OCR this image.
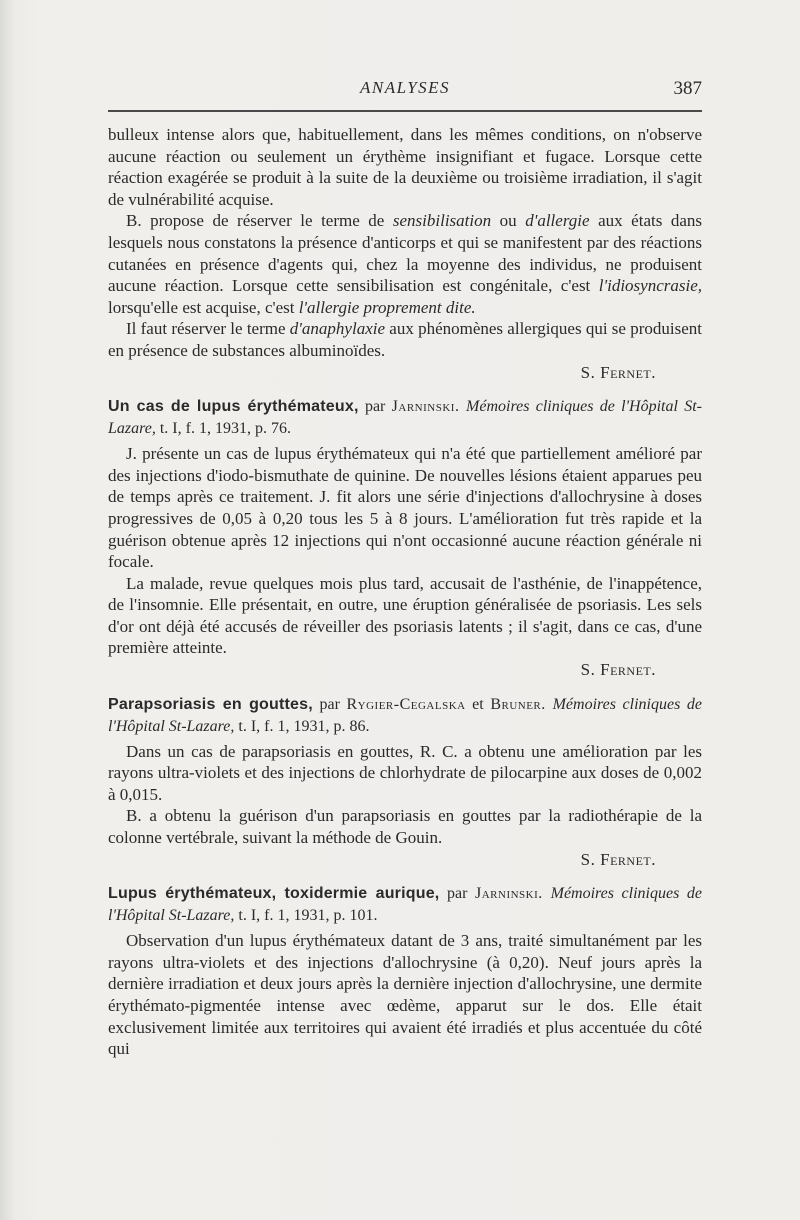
ANALYSES	387

bulleux intense alors que, habituellement, dans les mêmes conditions, on n'observe aucune réaction ou seulement un érythème insignifiant et fugace. Lorsque cette réaction exagérée se produit à la suite de la deuxième ou troisième irradiation, il s'agit de vulnérabilité acquise.

B. propose de réserver le terme de sensibilisation ou d'allergie aux états dans lesquels nous constatons la présence d'anticorps et qui se manifestent par des réactions cutanées en présence d'agents qui, chez la moyenne des individus, ne produisent aucune réaction. Lorsque cette sensibilisation est congénitale, c'est l'idiosyncrasie, lorsqu'elle est acquise, c'est l'allergie proprement dite.

Il faut réserver le terme d'anaphylaxie aux phénomènes allergiques qui se produisent en présence de substances albuminoïdes.

S. Fernet.

Un cas de lupus érythémateux, par Jarninski. Mémoires cliniques de l'Hôpital St-Lazare, t. I, f. 1, 1931, p. 76.

J. présente un cas de lupus érythémateux qui n'a été que partiellement amélioré par des injections d'iodo-bismuthate de quinine. De nouvelles lésions étaient apparues peu de temps après ce traitement. J. fit alors une série d'injections d'allochrysine à doses progressives de 0,05 à 0,20 tous les 5 à 8 jours. L'amélioration fut très rapide et la guérison obtenue après 12 injections qui n'ont occasionné aucune réaction générale ni focale.

La malade, revue quelques mois plus tard, accusait de l'asthénie, de l'inappétence, de l'insomnie. Elle présentait, en outre, une éruption généralisée de psoriasis. Les sels d'or ont déjà été accusés de réveiller des psoriasis latents ; il s'agit, dans ce cas, d'une première atteinte.

S. Fernet.

Parapsoriasis en gouttes, par Rygier-Cegalska et Bruner. Mémoires cliniques de l'Hôpital St-Lazare, t. I, f. 1, 1931, p. 86.

Dans un cas de parapsoriasis en gouttes, R. C. a obtenu une amélioration par les rayons ultra-violets et des injections de chlorhydrate de pilocarpine aux doses de 0,002 à 0,015.

B. a obtenu la guérison d'un parapsoriasis en gouttes par la radiothérapie de la colonne vertébrale, suivant la méthode de Gouin.

S. Fernet.

Lupus érythémateux, toxidermie aurique, par Jarninski. Mémoires cliniques de l'Hôpital St-Lazare, t. I, f. 1, 1931, p. 101.

Observation d'un lupus érythémateux datant de 3 ans, traité simultanément par les rayons ultra-violets et des injections d'allochrysine (à 0,20). Neuf jours après la dernière irradiation et deux jours après la dernière injection d'allochrysine, une dermite érythémato-pigmentée intense avec œdème, apparut sur le dos. Elle était exclusivement limitée aux territoires qui avaient été irradiés et plus accentuée du côté qui
